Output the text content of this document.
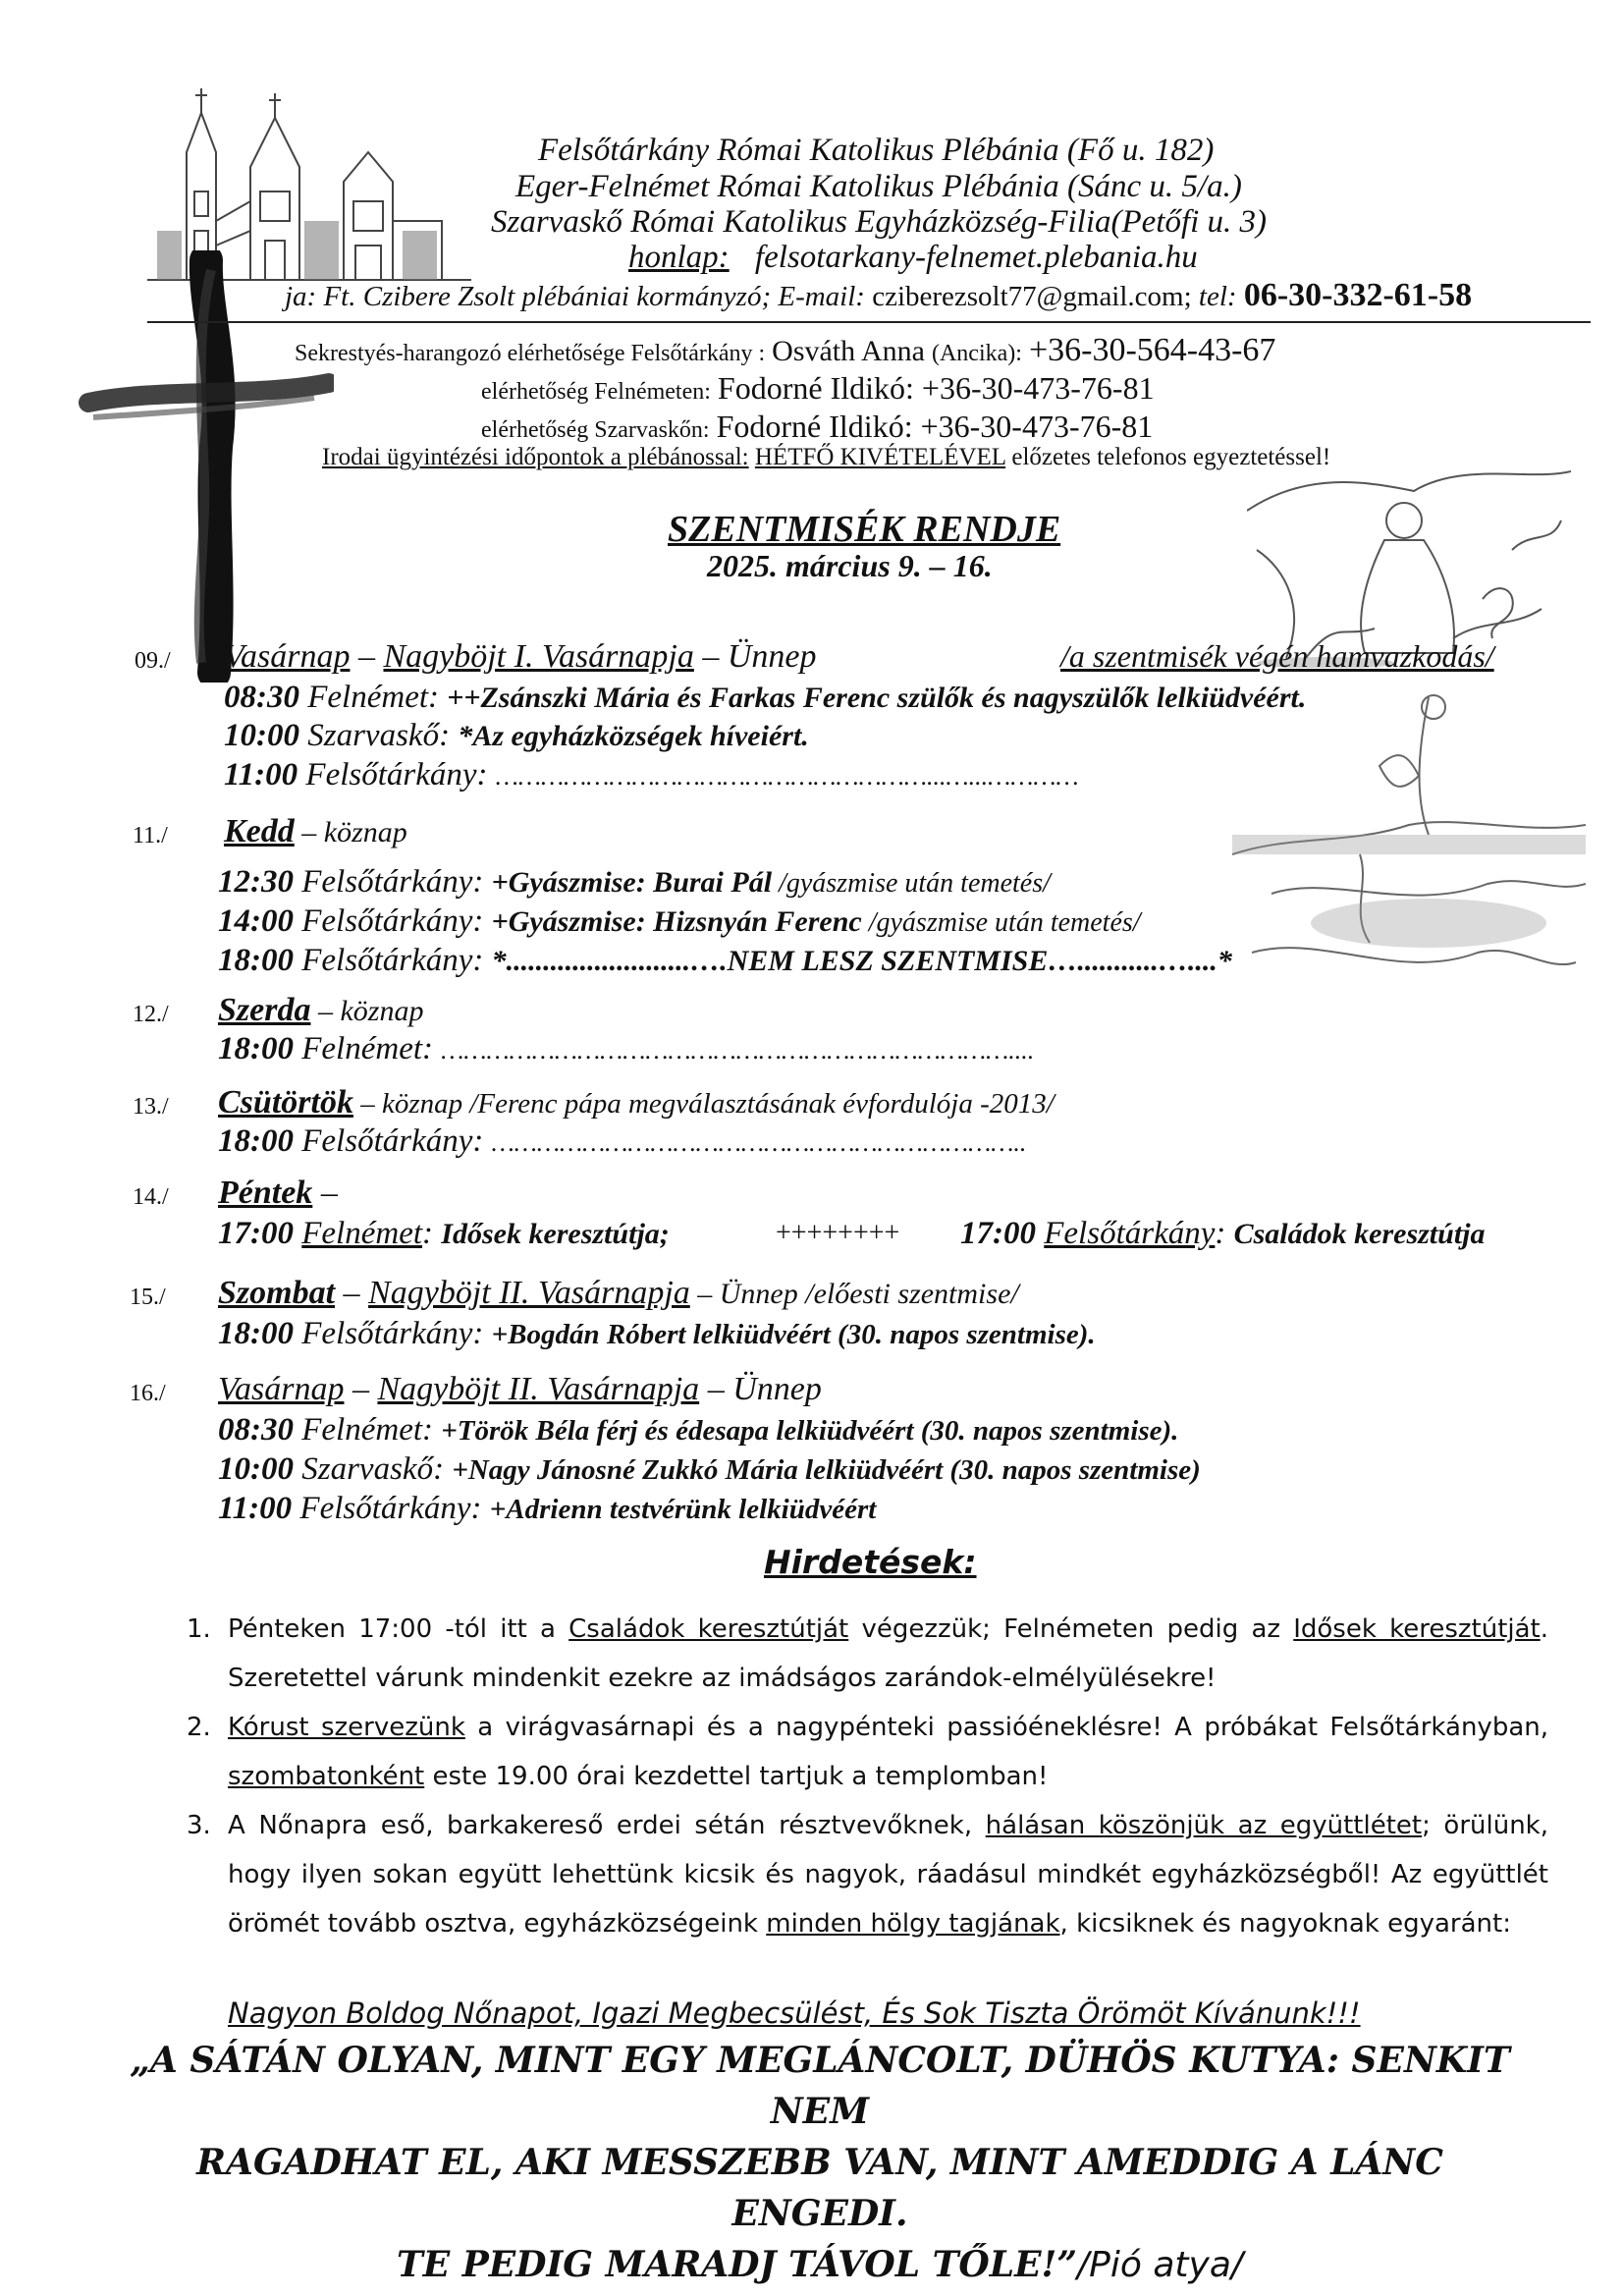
Felsőtárkány Római Katolikus Plébánia (Fő u. 182)
Eger-Felnémet Római Katolikus Plébánia (Sánc u. 5/a.)
Szarvaskő Római Katolikus Egyházközség-Filia(Petőfi u. 3)
honlap: felsotarkany-felnemet.plebania.hu
ja: Ft. Czibere Zsolt plébániai kormányzó; E-mail: cziberezsolt77@gmail.com; tel: 06-30-332-61-58
Sekrestyés-harangozó elérhetősége Felsőtárkány : Osváth Anna (Ancika): +36-30-564-43-67
elérhetőség Felnémeten: Fodorné Ildikó: +36-30-473-76-81
elérhetőség Szarvaskőn: Fodorné Ildikó: +36-30-473-76-81
Irodai ügyintézési időpontok a plébánossal: HÉTFŐ KIVÉTELÉVEL előzetes telefonos egyeztetéssel!
SZENTMISÉK RENDJE
2025. március 9. – 16.
09./ Vasárnap – Nagyböjt I. Vasárnapja – Ünnep	/a szentmisék végén hamvazkodás/
08:30 Felnémet: ++Zsánszki Mária és Farkas Ferenc szülők és nagyszülők lelkiüdvéért.
10:00 Szarvaskő: *Az egyházközségek híveiért.
11:00 Felsőtárkány: …………………………………………………...…...…………
11./ Kedd – köznap
12:30 Felsőtárkány: +Gyászmise: Burai Pál /gyászmise után temetés/
14:00 Felsőtárkány: +Gyászmise: Hizsnyán Ferenc /gyászmise után temetés/
18:00 Felsőtárkány: *.........................….NEM LESZ SZENTMISE…...........…....*
12./ Szerda – köznap
18:00 Felnémet: …………………………………………………………………....
13./ Csütörtök – köznap /Ferenc pápa megválasztásának évfordulója -2013/
18:00 Felsőtárkány: ……………………………………………………………..
14./ Péntek –
17:00 Felnémet: Idősek keresztútja;	++++++++ 17:00 Felsőtárkány: Családok keresztútja
15./ Szombat – Nagyböjt II. Vasárnapja – Ünnep /előesti szentmise/
18:00 Felsőtárkány: +Bogdán Róbert lelkiüdvéért (30. napos szentmise).
16./ Vasárnap – Nagyböjt II. Vasárnapja – Ünnep
08:30 Felnémet: +Török Béla férj és édesapa lelkiüdvéért (30. napos szentmise).
10:00 Szarvaskő: +Nagy Jánosné Zukkó Mária lelkiüdvéért (30. napos szentmise)
11:00 Felsőtárkány: +Adrienn testvérünk lelkiüdvéért
Hirdetések:
1. Pénteken 17:00 -tól itt a Családok keresztútját végezzük; Felnémeten pedig az Idősek keresztútját. Szeretettel várunk mindenkit ezekre az imádságos zarándok-elmélyülésekre!
2. Kórust szervezünk a virágvasárnapi és a nagypénteki passióéneklésre! A próbákat Felsőtárkányban, szombatonként este 19.00 órai kezdettel tartjuk a templomban!
3. A Nőnapra eső, barkakereső erdei sétán résztvevőknek, hálásan köszönjük az együttlétet; örülünk, hogy ilyen sokan együtt lehettünk kicsik és nagyok, ráadásul mindkét egyházközségből! Az együttlét örömét tovább osztva, egyházközségeink minden hölgy tagjának, kicsiknek és nagyoknak egyaránt:
Nagyon Boldog Nőnapot, Igazi Megbecsülést, És Sok Tiszta Örömöt Kívánunk!!!
„A SÁTÁN OLYAN, MINT EGY MEGLÁNCOLT, DÜHÖS KUTYA: SENKIT NEM
RAGADHAT EL, AKI MESSZEBB VAN, MINT AMEDDIG A LÁNC ENGEDI.
TE PEDIG MARADJ TÁVOL TŐLE!”/Pió atya/
